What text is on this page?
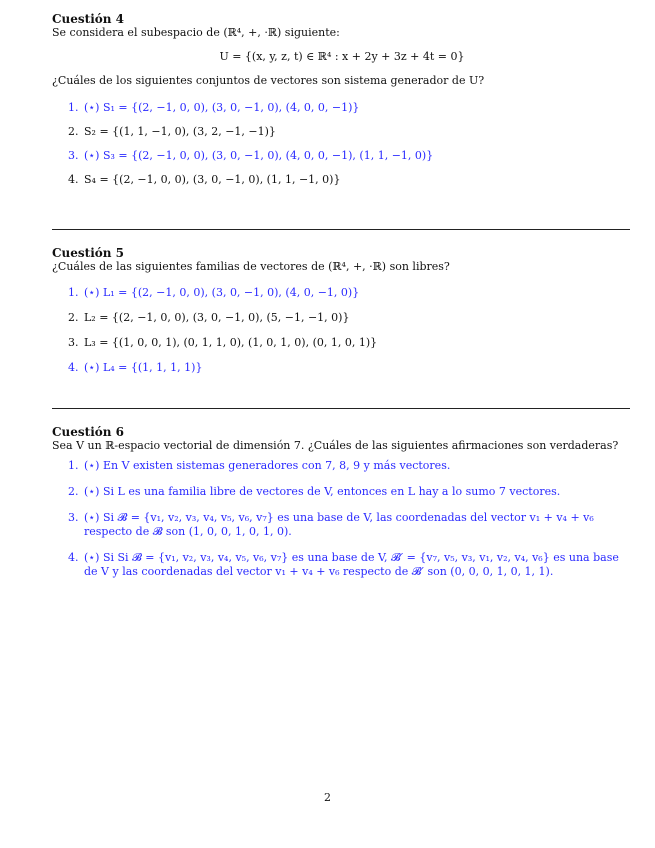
Cuestión 4

Se considera el subespacio de (ℝ⁴, +, ·ℝ) siguiente:

U = {(x, y, z, t) ∈ ℝ⁴ : x + 2y + 3z + 4t = 0}

¿Cuáles de los siguientes conjuntos de vectores son sistema generador de U?

1. (⋆) S₁ = {(2, −1, 0, 0), (3, 0, −1, 0), (4, 0, 0, −1)}
2. S₂ = {(1, 1, −1, 0), (3, 2, −1, −1)}
3. (⋆) S₃ = {(2, −1, 0, 0), (3, 0, −1, 0), (4, 0, 0, −1), (1, 1, −1, 0)}
4. S₄ = {(2, −1, 0, 0), (3, 0, −1, 0), (1, 1, −1, 0)}
Cuestión 5

¿Cuáles de las siguientes familias de vectores de (ℝ⁴, +, ·ℝ) son libres?

1. (⋆) L₁ = {(2, −1, 0, 0), (3, 0, −1, 0), (4, 0, −1, 0)}
2. L₂ = {(2, −1, 0, 0), (3, 0, −1, 0), (5, −1, −1, 0)}
3. L₃ = {(1, 0, 0, 1), (0, 1, 1, 0), (1, 0, 1, 0), (0, 1, 0, 1)}
4. (⋆) L₄ = {(1, 1, 1, 1)}
Cuestión 6

Sea V un ℝ-espacio vectorial de dimensión 7. ¿Cuáles de las siguientes afirmaciones son verdaderas?

1. (⋆) En V existen sistemas generadores con 7, 8, 9 y más vectores.
2. (⋆) Si L es una familia libre de vectores de V, entonces en L hay a lo sumo 7 vectores.
3. (⋆) Si 𝓑 = {v₁, v₂, v₃, v₄, v₅, v₆, v₇} es una base de V, las coordenadas del vector v₁ + v₄ + v₆ respecto de 𝓑 son (1, 0, 0, 1, 0, 1, 0).
4. (⋆) Si Si 𝓑 = {v₁, v₂, v₃, v₄, v₅, v₆, v₇} es una base de V, 𝓑′ = {v₇, v₅, v₃, v₁, v₂, v₄, v₆} es una base de V y las coordenadas del vector v₁ + v₄ + v₆ respecto de 𝓑′ son (0, 0, 0, 1, 0, 1, 1).
2
